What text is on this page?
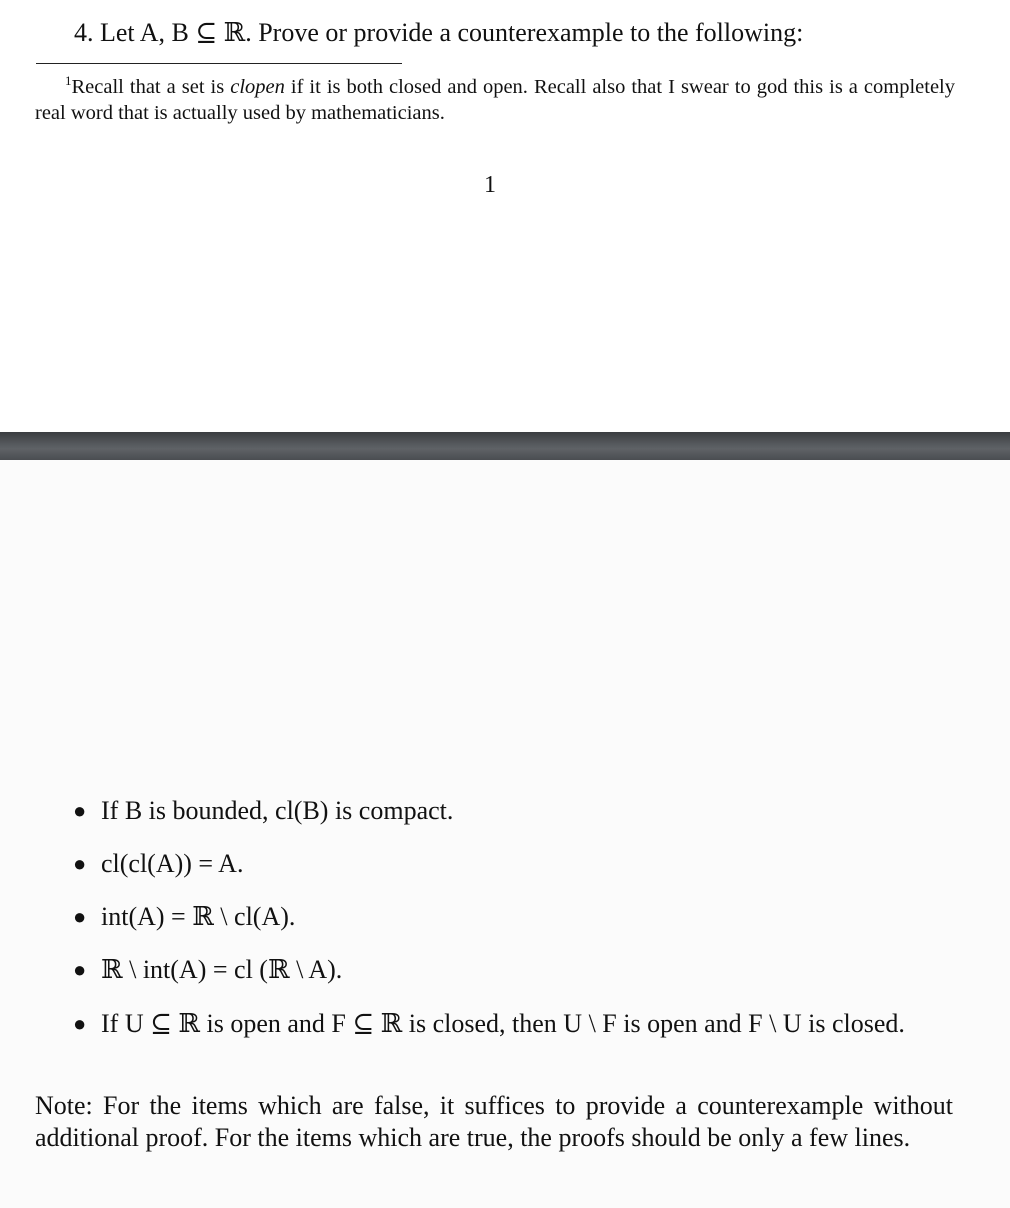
4. Let A, B ⊆ ℝ. Prove or provide a counterexample to the following:
$^1$Recall that a set is clopen if it is both closed and open. Recall also that I swear to god this is a completely real word that is actually used by mathematicians.
1
● If B is bounded, cl(B) is compact.
● cl(cl(A)) = A.
● int(A) = ℝ \ cl(A).
● ℝ \ int(A) = cl (ℝ \ A).
● If U ⊆ ℝ is open and F ⊆ ℝ is closed, then U \ F is open and F \ U is closed.
Note: For the items which are false, it suffices to provide a counterexample without additional proof. For the items which are true, the proofs should be only a few lines.
